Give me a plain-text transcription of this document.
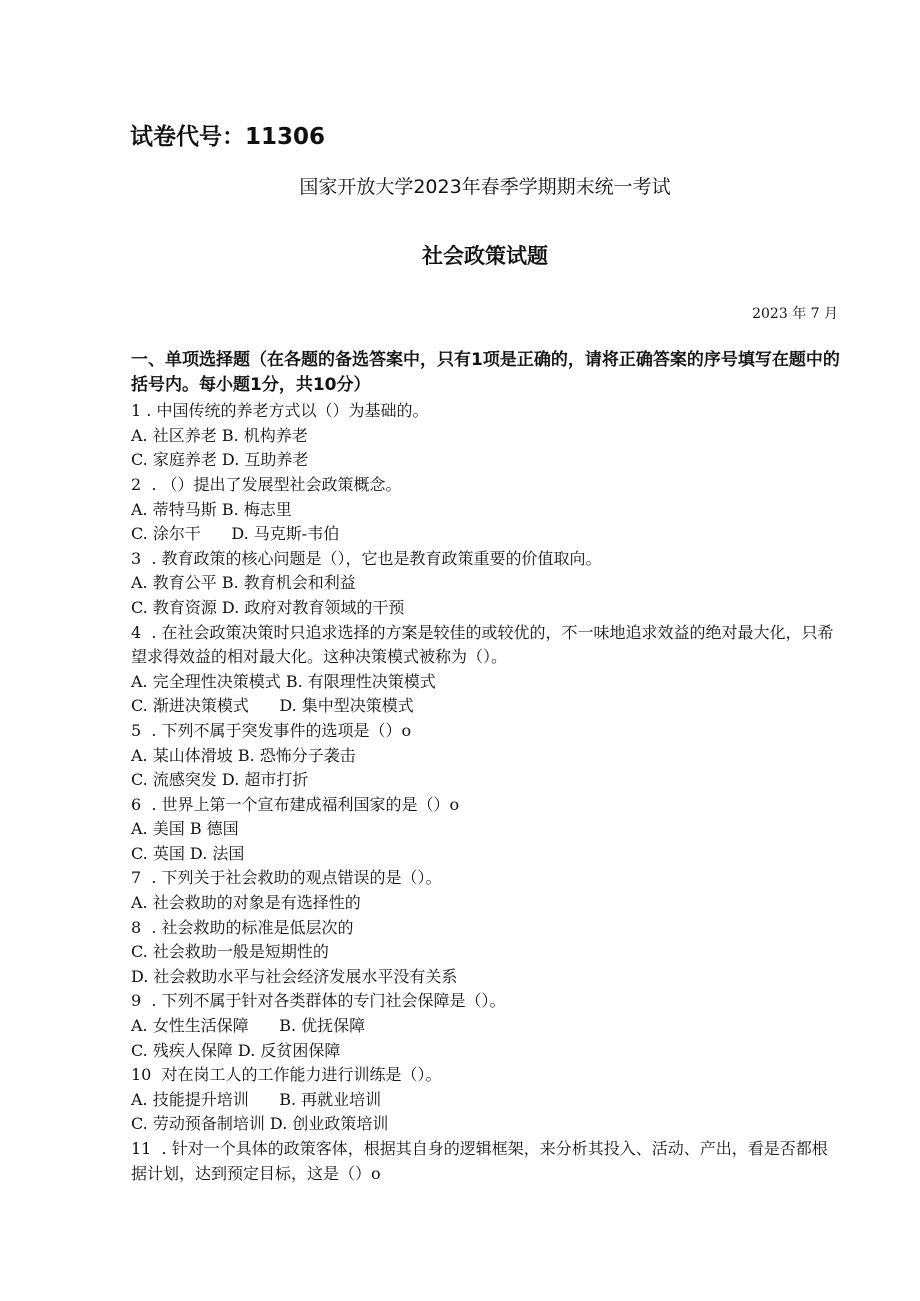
试卷代号：11306
国家开放大学2023年春季学期期末统一考试
社会政策试题
2023 年 7 月
一、单项选择题（在各题的备选答案中，只有1项是正确的，请将正确答案的序号填写在题中的括号内。每小题1分，共10分）
1 . 中国传统的养老方式以（）为基础的。
A. 社区养老 B. 机构养老
C. 家庭养老 D. 互助养老
2  . （）提出了发展型社会政策概念。
A. 蒂特马斯 B. 梅志里
C. 涂尔干      D. 马克斯-韦伯
3  . 教育政策的核心问题是（），它也是教育政策重要的价值取向。
A. 教育公平 B. 教育机会和利益
C. 教育资源 D. 政府对教育领域的干预
4  . 在社会政策决策时只追求选择的方案是较佳的或较优的，不一味地追求效益的绝对最大化，只希望求得效益的相对最大化。这种决策模式被称为（）。
A. 完全理性决策模式 B. 有限理性决策模式
C. 渐进决策模式      D. 集中型决策模式
5  . 下列不属于突发事件的选项是（）o
A. 某山体滑坡 B. 恐怖分子袭击
C. 流感突发 D. 超市打折
6  . 世界上第一个宣布建成福利国家的是（）o
A. 美国 B 德国
C. 英国 D. 法国
7  . 下列关于社会救助的观点错误的是（）。
A. 社会救助的对象是有选择性的
8  . 社会救助的标准是低层次的
C. 社会救助一般是短期性的
D. 社会救助水平与社会经济发展水平没有关系
9  . 下列不属于针对各类群体的专门社会保障是（）。
A. 女性生活保障      B. 优抚保障
C. 残疾人保障 D. 反贫困保障
10  对在岗工人的工作能力进行训练是（）。
A. 技能提升培训      B. 再就业培训
C. 劳动预备制培训 D. 创业政策培训
11  . 针对一个具体的政策客体，根据其自身的逻辑框架，来分析其投入、活动、产出，看是否都根据计划，达到预定目标，这是（）o
